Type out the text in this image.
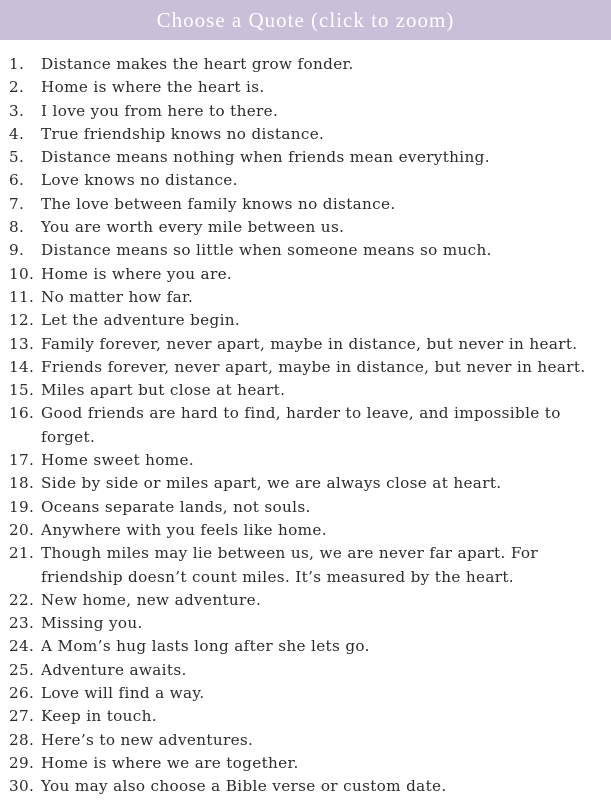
Choose a Quote (click to zoom)
1.	Distance makes the heart grow fonder.
2.	Home is where the heart is.
3.	I love you from here to there.
4.	True friendship knows no distance.
5.	Distance means nothing when friends mean everything.
6.	Love knows no distance.
7.	The love between family knows no distance.
8.	You are worth every mile between us.
9.	Distance means so little when someone means so much.
10. Home is where you are.
11. No matter how far.
12. Let the adventure begin.
13. Family forever, never apart, maybe in distance, but never in heart.
14. Friends forever, never apart, maybe in distance, but never in heart.
15. Miles apart but close at heart.
16. Good friends are hard to find, harder to leave, and impossible to forget.
17. Home sweet home.
18. Side by side or miles apart, we are always close at heart.
19. Oceans separate lands, not souls.
20. Anywhere with you feels like home.
21. Though miles may lie between us, we are never far apart. For
friendship doesn’t count miles. It’s measured by the heart.
22. New home, new adventure.
23. Missing you.
24. A Mom’s hug lasts long after she lets go.
25. Adventure awaits.
26. Love will find a way.
27. Keep in touch.
28. Here’s to new adventures.
29. Home is where we are together.
30. You may also choose a Bible verse or custom date.
